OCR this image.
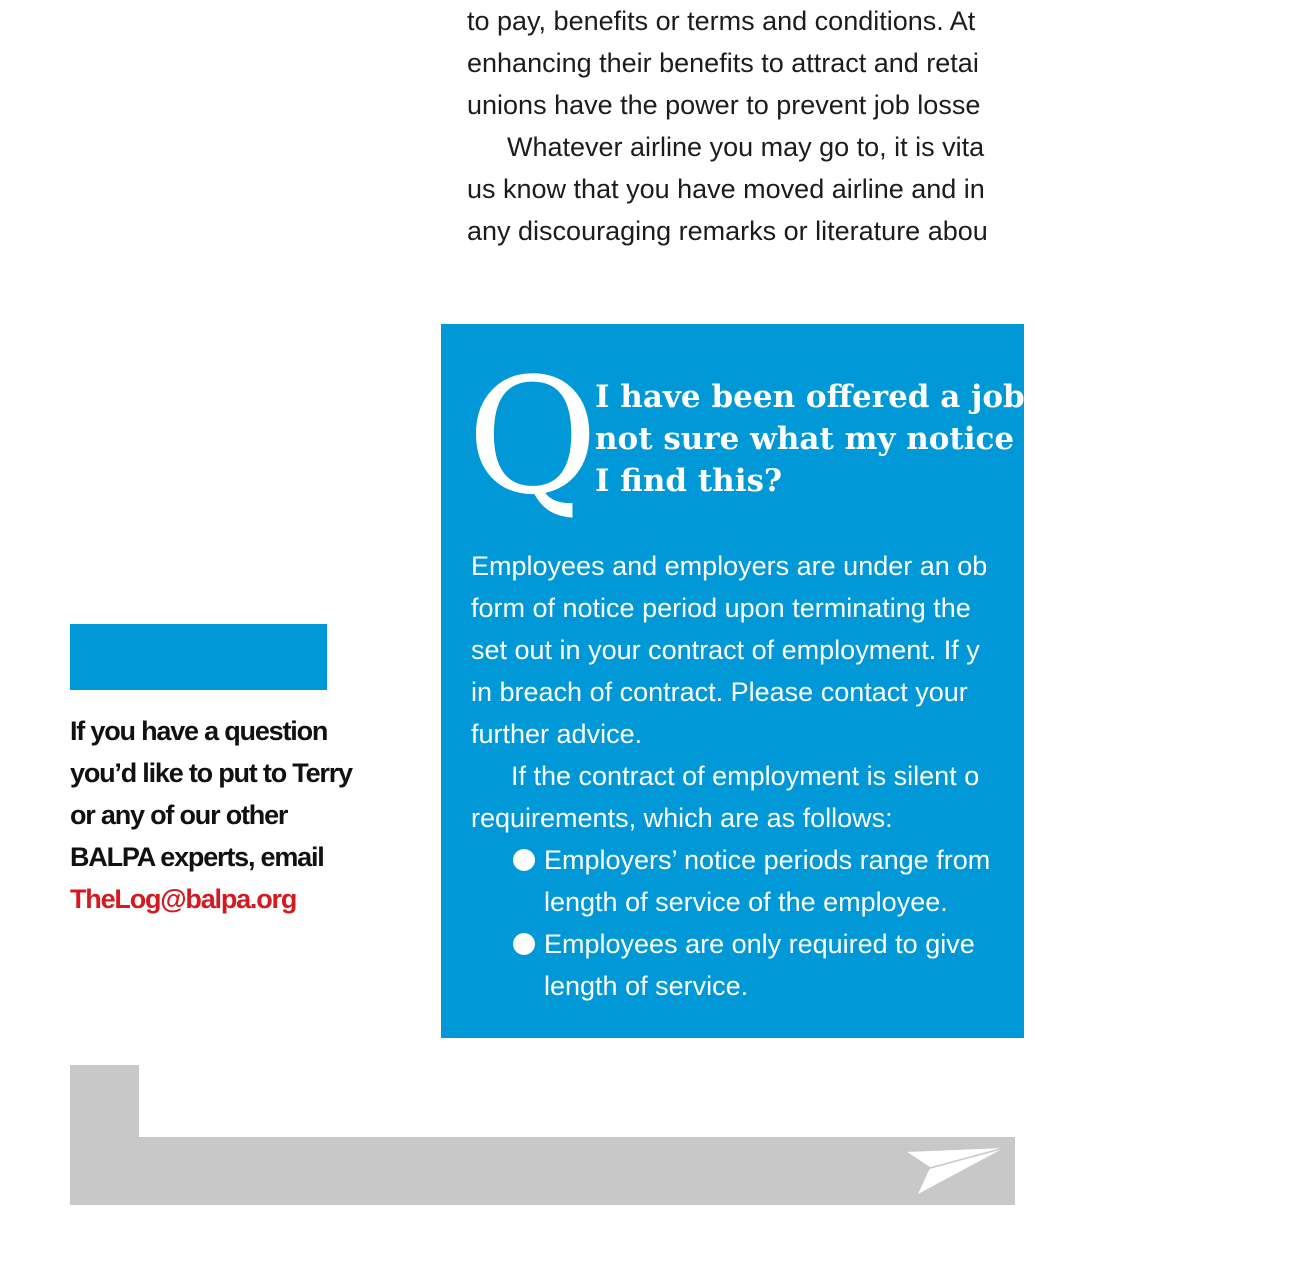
to pay, benefits or terms and conditions. At

enhancing their benefits to attract and retai

unions have the power to prevent job losse

Whatever airline you may go to, it is vita

us know that you have moved airline and in

any discouraging remarks or literature abou

Q
I have been offered a job wi
not sure what my notice pe
I find this?

Employees and employers are under an ob

form of notice period upon terminating the

set out in your contract of employment. If y

in breach of contract. Please contact your

further advice.

If the contract of employment is silent o

requirements, which are as follows:

Employers’ notice periods range from

length of service of the employee.

Employees are only required to give

length of service.

If you have a question
you’d like to put to Terry
or any of our other
BALPA experts, email
TheLog@balpa.org
